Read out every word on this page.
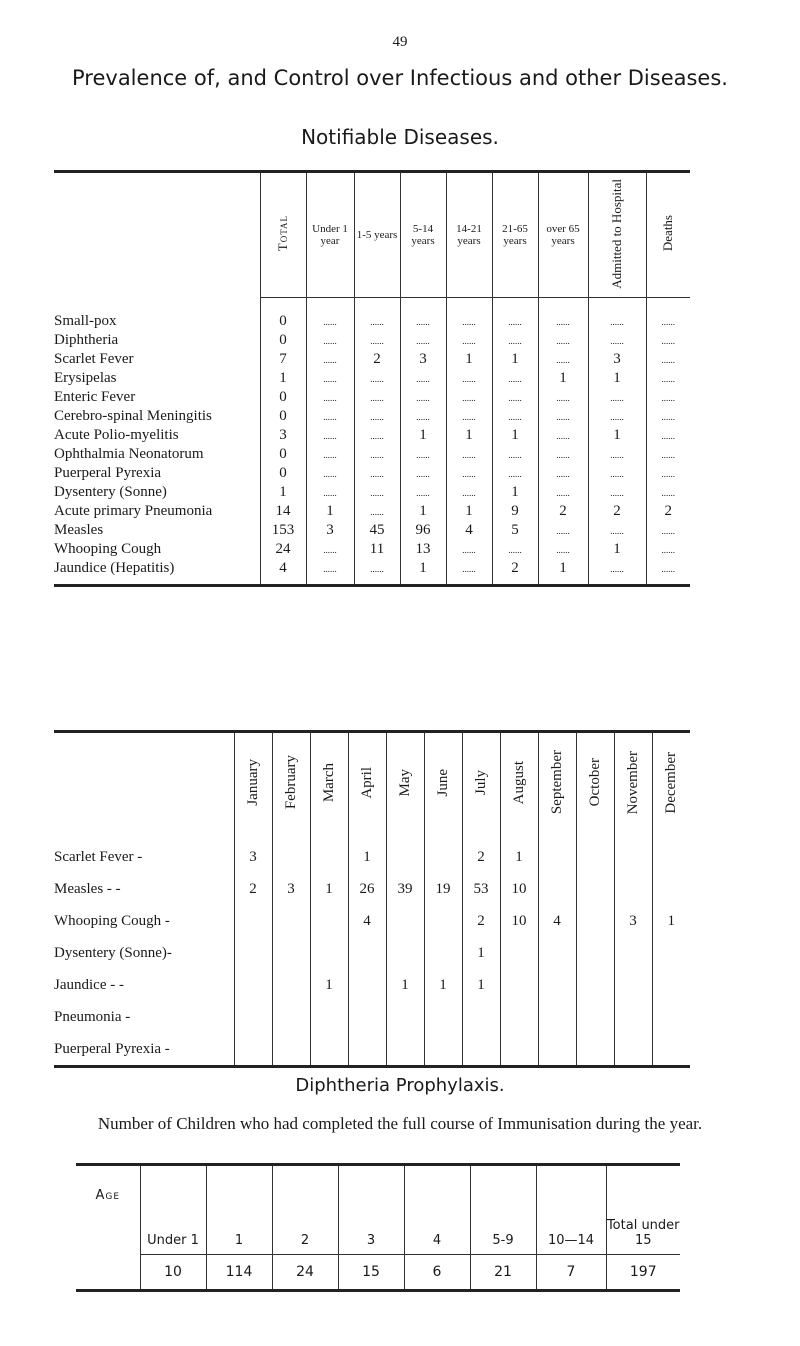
49
Prevalence of, and Control over Infectious and other Diseases.
Notifiable Diseases.
	Total	Under 1 year	1-5 years	5-14 years	14-21 years	21-65 years	over 65 years	Admitted to Hospital	Deaths
Small-pox	0	......	......	......	......	......	......	......	......
Diphtheria	0	......	......	......	......	......	......	......	......
Scarlet Fever	7	......	2	3	1	1	......	3	......
Erysipelas	1	......	......	......	......	......	1	1	......
Enteric Fever	0	......	......	......	......	......	......	......	......
Cerebro-spinal Meningitis	0	......	......	......	......	......	......	......	......
Acute Polio-myelitis	3	......	......	1	1	1	......	1	......
Ophthalmia Neonatorum	0	......	......	......	......	......	......	......	......
Puerperal Pyrexia	0	......	......	......	......	......	......	......	......
Dysentery (Sonne)	1	......	......	......	......	1	......	......	......
Acute primary Pneumonia	14	1	......	1	1	9	2	2	2
Measles	153	3	45	96	4	5	......	......	......
Whooping Cough	24	......	11	13	......	......	......	1	......
Jaundice (Hepatitis)	4	......	......	1	......	2	1	......	......
	January	February	March	April	May	June	July	August	September	October	November	December
Scarlet Fever -	3			1			2	1				
Measles - -	2	3	1	26	39	19	53	10				
Whooping Cough -				4			2	10	4		3	1
Dysentery (Sonne)-							1					
Jaundice - -			1		1	1	1					
Pneumonia -												
Puerperal Pyrexia -												
Diphtheria Prophylaxis.
Number of Children who had completed the full course of Immunisation during the year.
Age	Under 1	1	2	3	4	5-9	10—14	Total under 15
	10	114	24	15	6	21	7	197
